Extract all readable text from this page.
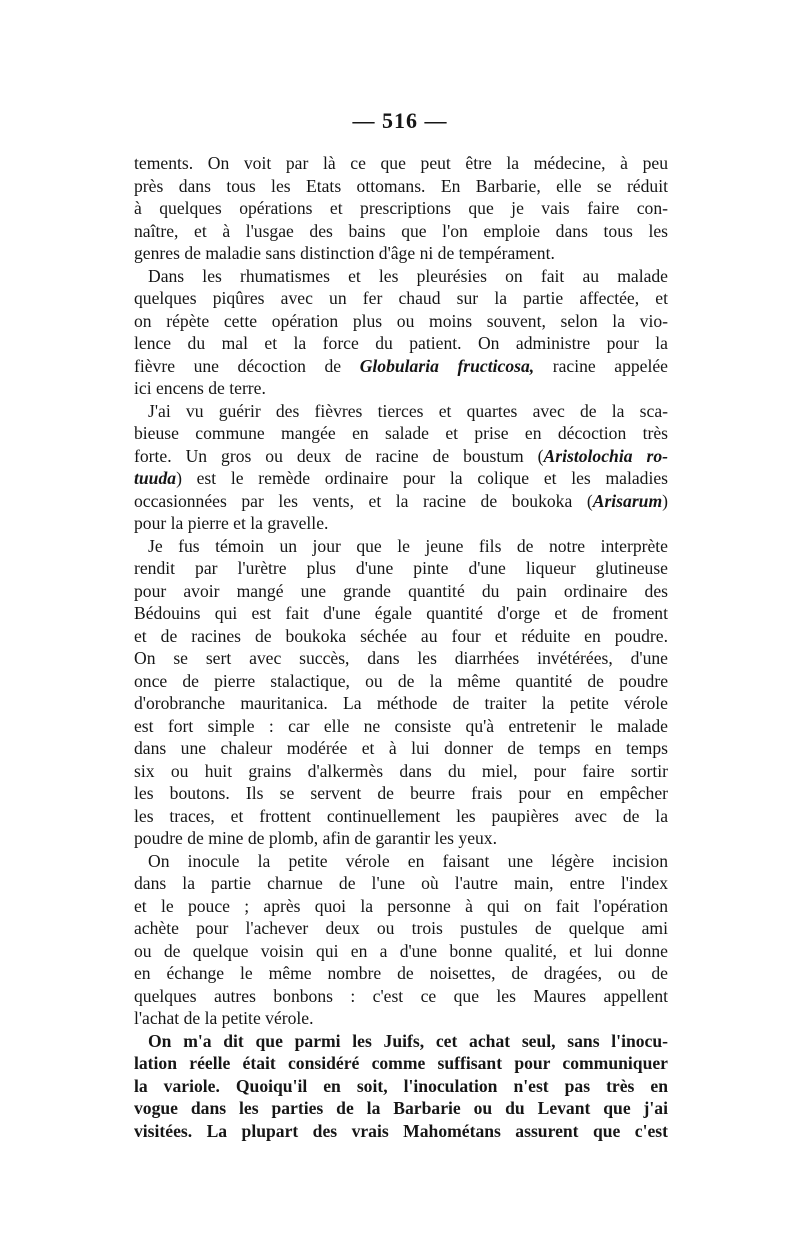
— 516 —
tements. On voit par là ce que peut être la médecine, à peu
près dans tous les Etats ottomans. En Barbarie, elle se réduit
à quelques opérations et prescriptions que je vais faire con-
naître, et à l'usgae des bains que l'on emploie dans tous les
genres de maladie sans distinction d'âge ni de tempérament.
Dans les rhumatismes et les pleurésies on fait au malade
quelques piqûres avec un fer chaud sur la partie affectée, et
on répète cette opération plus ou moins souvent, selon la vio-
lence du mal et la force du patient. On administre pour la
fièvre une décoction de Globularia fructicosa, racine appelée
ici encens de terre.
J'ai vu guérir des fièvres tierces et quartes avec de la sca-
bieuse commune mangée en salade et prise en décoction très
forte. Un gros ou deux de racine de boustum (Aristolochia ro-
tuuda) est le remède ordinaire pour la colique et les maladies
occasionnées par les vents, et la racine de boukoka (Arisarum)
pour la pierre et la gravelle.
Je fus témoin un jour que le jeune fils de notre interprète
rendit par l'urètre plus d'une pinte d'une liqueur glutineuse
pour avoir mangé une grande quantité du pain ordinaire des
Bédouins qui est fait d'une égale quantité d'orge et de froment
et de racines de boukoka séchée au four et réduite en poudre.
On se sert avec succès, dans les diarrhées invétérées, d'une
once de pierre stalactique, ou de la même quantité de poudre
d'orobranche mauritanica. La méthode de traiter la petite vérole
est fort simple : car elle ne consiste qu'à entretenir le malade
dans une chaleur modérée et à lui donner de temps en temps
six ou huit grains d'alkermès dans du miel, pour faire sortir
les boutons. Ils se servent de beurre frais pour en empêcher
les traces, et frottent continuellement les paupières avec de la
poudre de mine de plomb, afin de garantir les yeux.
On inocule la petite vérole en faisant une légère incision
dans la partie charnue de l'une où l'autre main, entre l'index
et le pouce ; après quoi la personne à qui on fait l'opération
achète pour l'achever deux ou trois pustules de quelque ami
ou de quelque voisin qui en a d'une bonne qualité, et lui donne
en échange le même nombre de noisettes, de dragées, ou de
quelques autres bonbons : c'est ce que les Maures appellent
l'achat de la petite vérole.
On m'a dit que parmi les Juifs, cet achat seul, sans l'inocu-
lation réelle était considéré comme suffisant pour communiquer
la variole. Quoiqu'il en soit, l'inoculation n'est pas très en
vogue dans les parties de la Barbarie ou du Levant que j'ai
visitées. La plupart des vrais Mahométans assurent que c'est
